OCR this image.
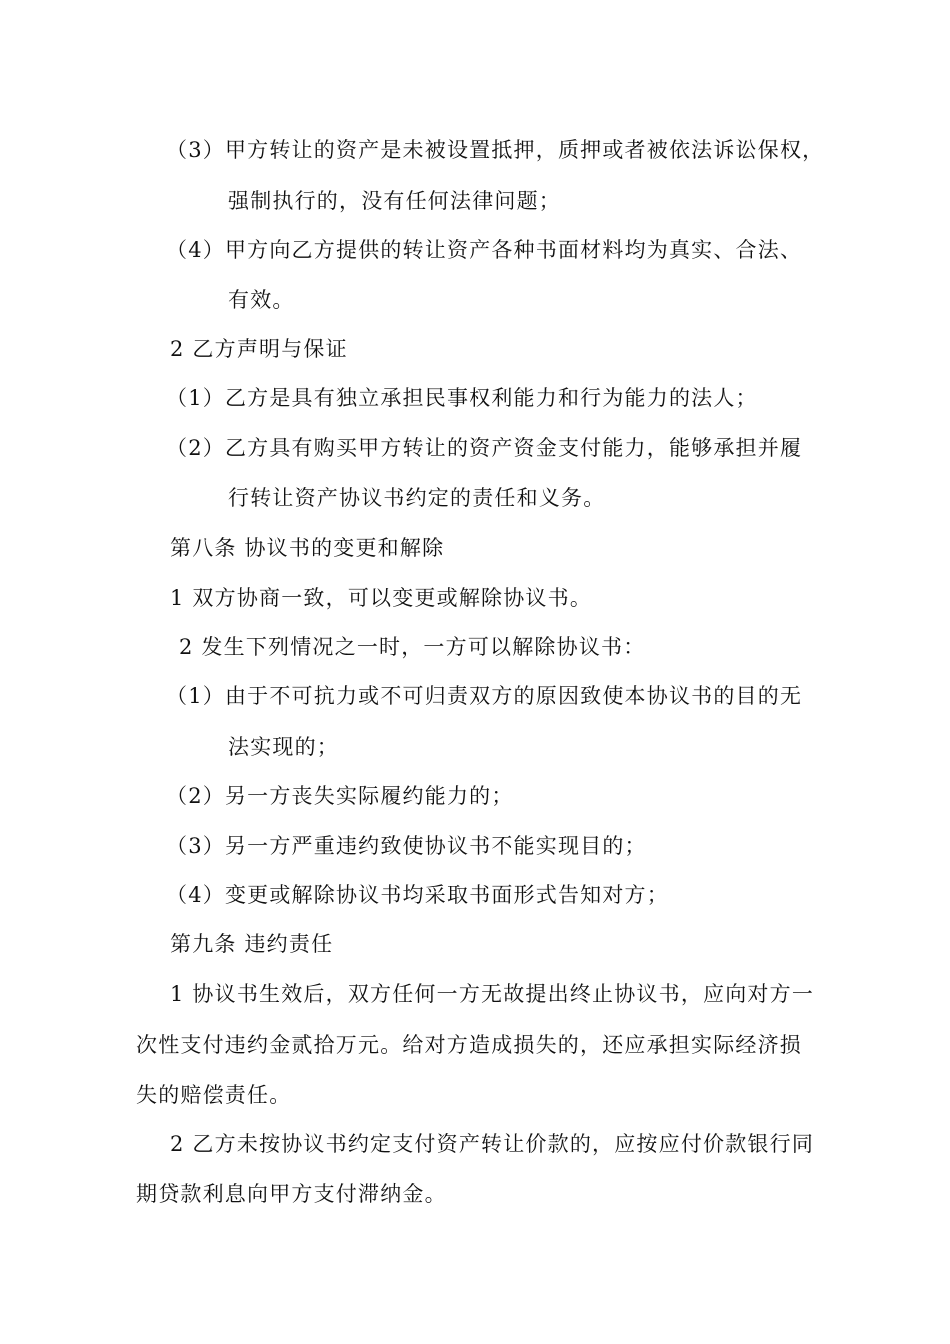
（3）甲方转让的资产是未被设置抵押，质押或者被依法诉讼保权，
强制执行的，没有任何法律问题；
（4）甲方向乙方提供的转让资产各种书面材料均为真实、合法、
有效。
2 乙方声明与保证
（1）乙方是具有独立承担民事权利能力和行为能力的法人；
（2）乙方具有购买甲方转让的资产资金支付能力，能够承担并履
行转让资产协议书约定的责任和义务。
第八条 协议书的变更和解除
1 双方协商一致，可以变更或解除协议书。
2 发生下列情况之一时，一方可以解除协议书：
（1）由于不可抗力或不可归责双方的原因致使本协议书的目的无
法实现的；
（2）另一方丧失实际履约能力的；
（3）另一方严重违约致使协议书不能实现目的；
（4）变更或解除协议书均采取书面形式告知对方；
第九条 违约责任
1 协议书生效后，双方任何一方无故提出终止协议书，应向对方一
次性支付违约金贰拾万元。给对方造成损失的，还应承担实际经济损
失的赔偿责任。
2 乙方未按协议书约定支付资产转让价款的，应按应付价款银行同
期贷款利息向甲方支付滞纳金。
